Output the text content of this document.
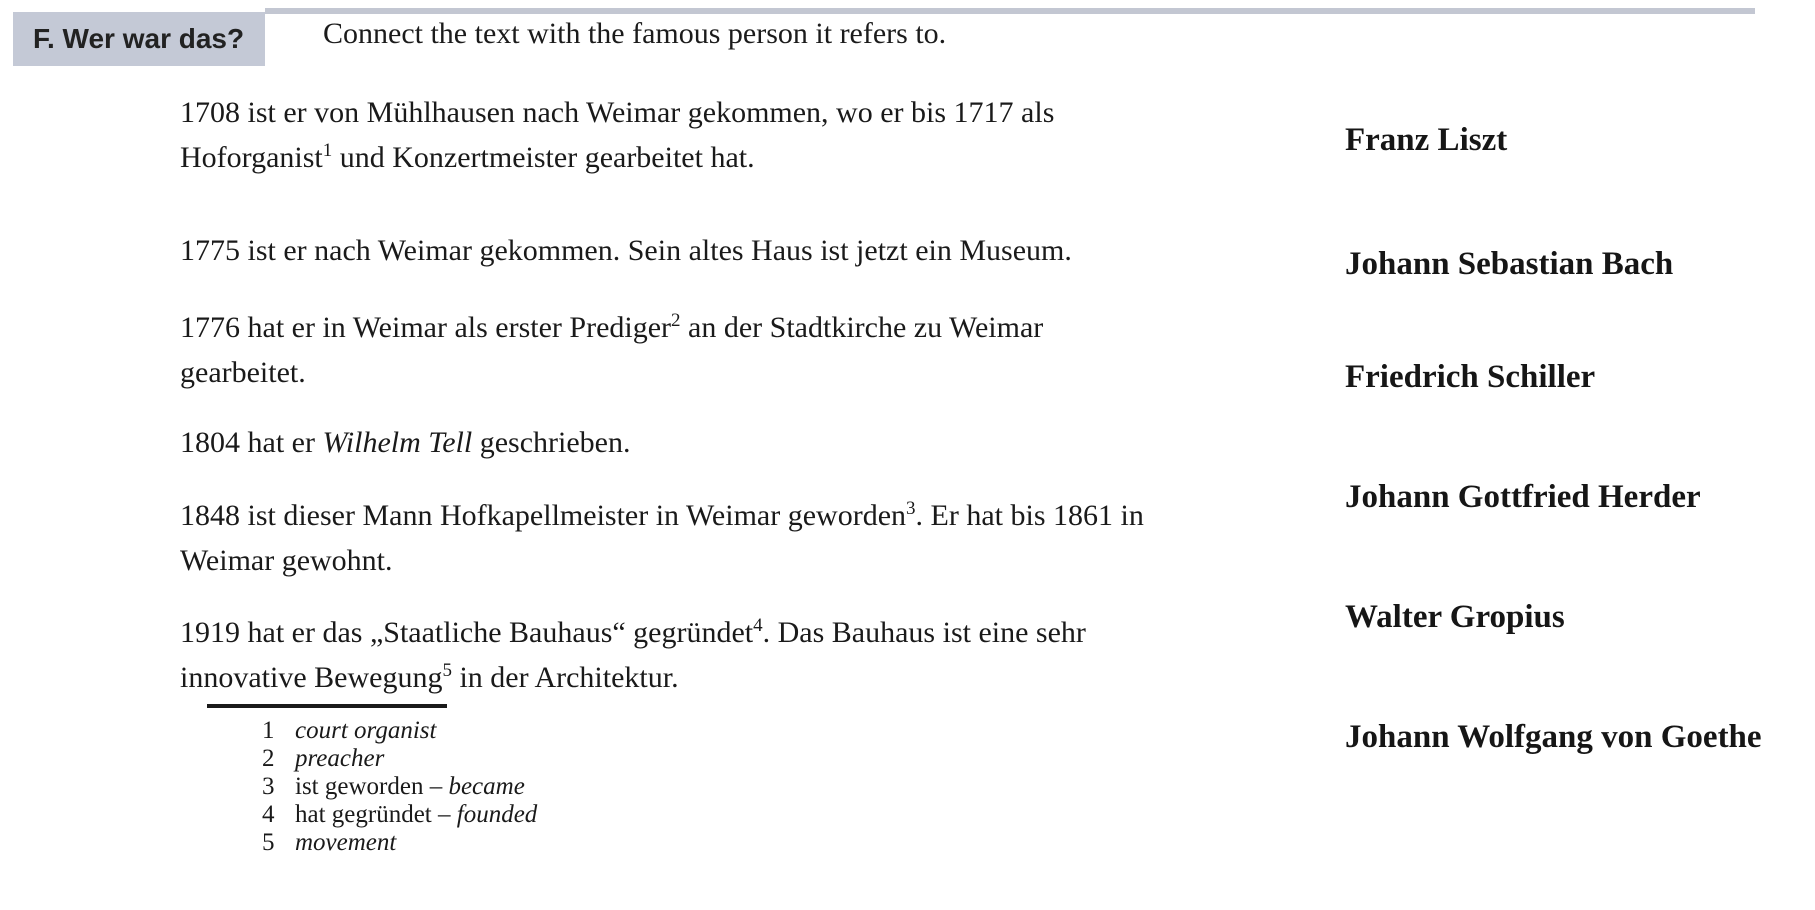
F. Wer war das?	Connect the text with the famous person it refers to.

1708 ist er von Mühlhausen nach Weimar gekommen, wo er bis 1717 als
Hoforganist$^1$ und Konzertmeister gearbeitet hat.

1775 ist er nach Weimar gekommen. Sein altes Haus ist jetzt ein Museum.

1776 hat er in Weimar als erster Prediger$^2$ an der Stadtkirche zu Weimar
gearbeitet.

1804 hat er Wilhelm Tell geschrieben.

1848 ist dieser Mann Hofkapellmeister in Weimar geworden$^3$. Er hat bis 1861 in
Weimar gewohnt.

1919 hat er das „Staatliche Bauhaus“ gegründet$^4$. Das Bauhaus ist eine sehr
innovative Bewegung$^5$ in der Architektur.

Franz Liszt
Johann Sebastian Bach
Friedrich Schiller
Johann Gottfried Herder
Walter Gropius
Johann Wolfgang von Goethe
1 court organist
2 preacher
3 ist geworden – became
4 hat gegründet – founded
5 movement
